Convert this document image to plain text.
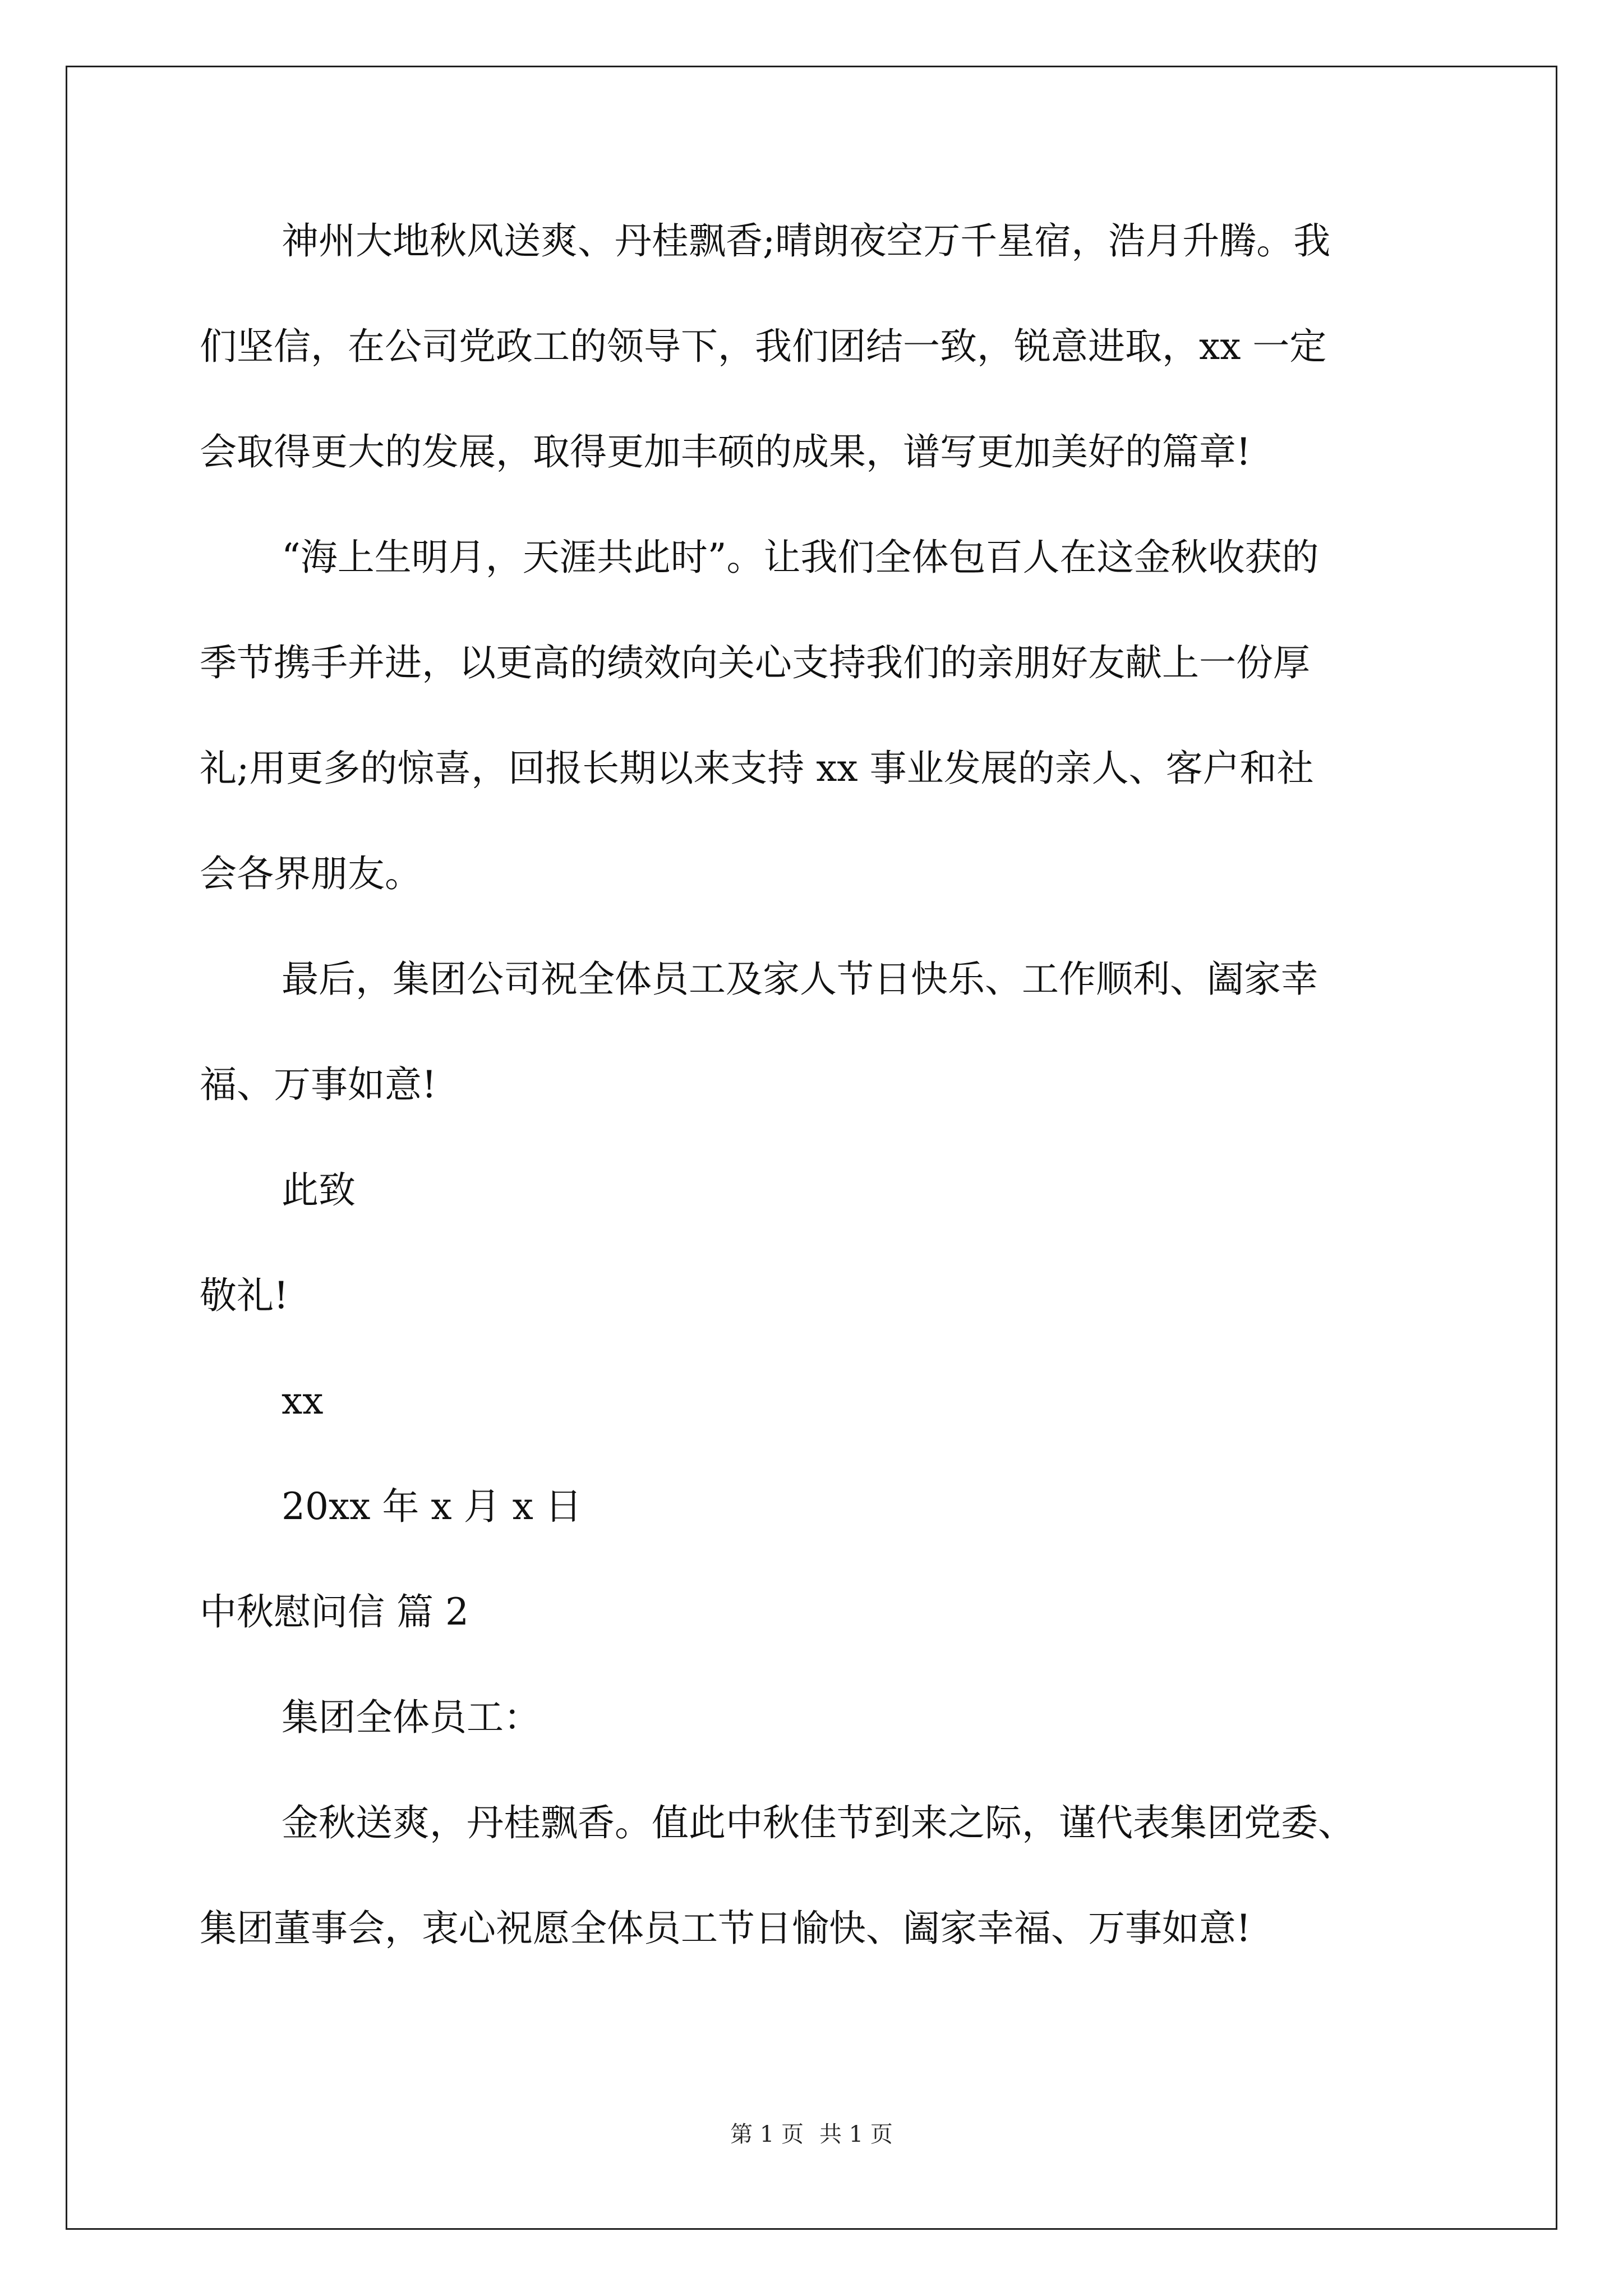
神州大地秋风送爽、丹桂飘香;晴朗夜空万千星宿，浩月升腾。我
们坚信，在公司党政工的领导下，我们团结一致，锐意进取，xx 一定
会取得更大的发展，取得更加丰硕的成果，谱写更加美好的篇章!
“海上生明月，天涯共此时”。让我们全体包百人在这金秋收获的
季节携手并进，以更高的绩效向关心支持我们的亲朋好友献上一份厚
礼;用更多的惊喜，回报长期以来支持 xx 事业发展的亲人、客户和社
会各界朋友。
最后，集团公司祝全体员工及家人节日快乐、工作顺利、阖家幸
福、万事如意!
此致
敬礼!
xx
20xx 年 x 月 x 日
中秋慰问信 篇 2
集团全体员工：
金秋送爽，丹桂飘香。值此中秋佳节到来之际，谨代表集团党委、
集团董事会，衷心祝愿全体员工节日愉快、阖家幸福、万事如意!
第 1 页 共 1 页
